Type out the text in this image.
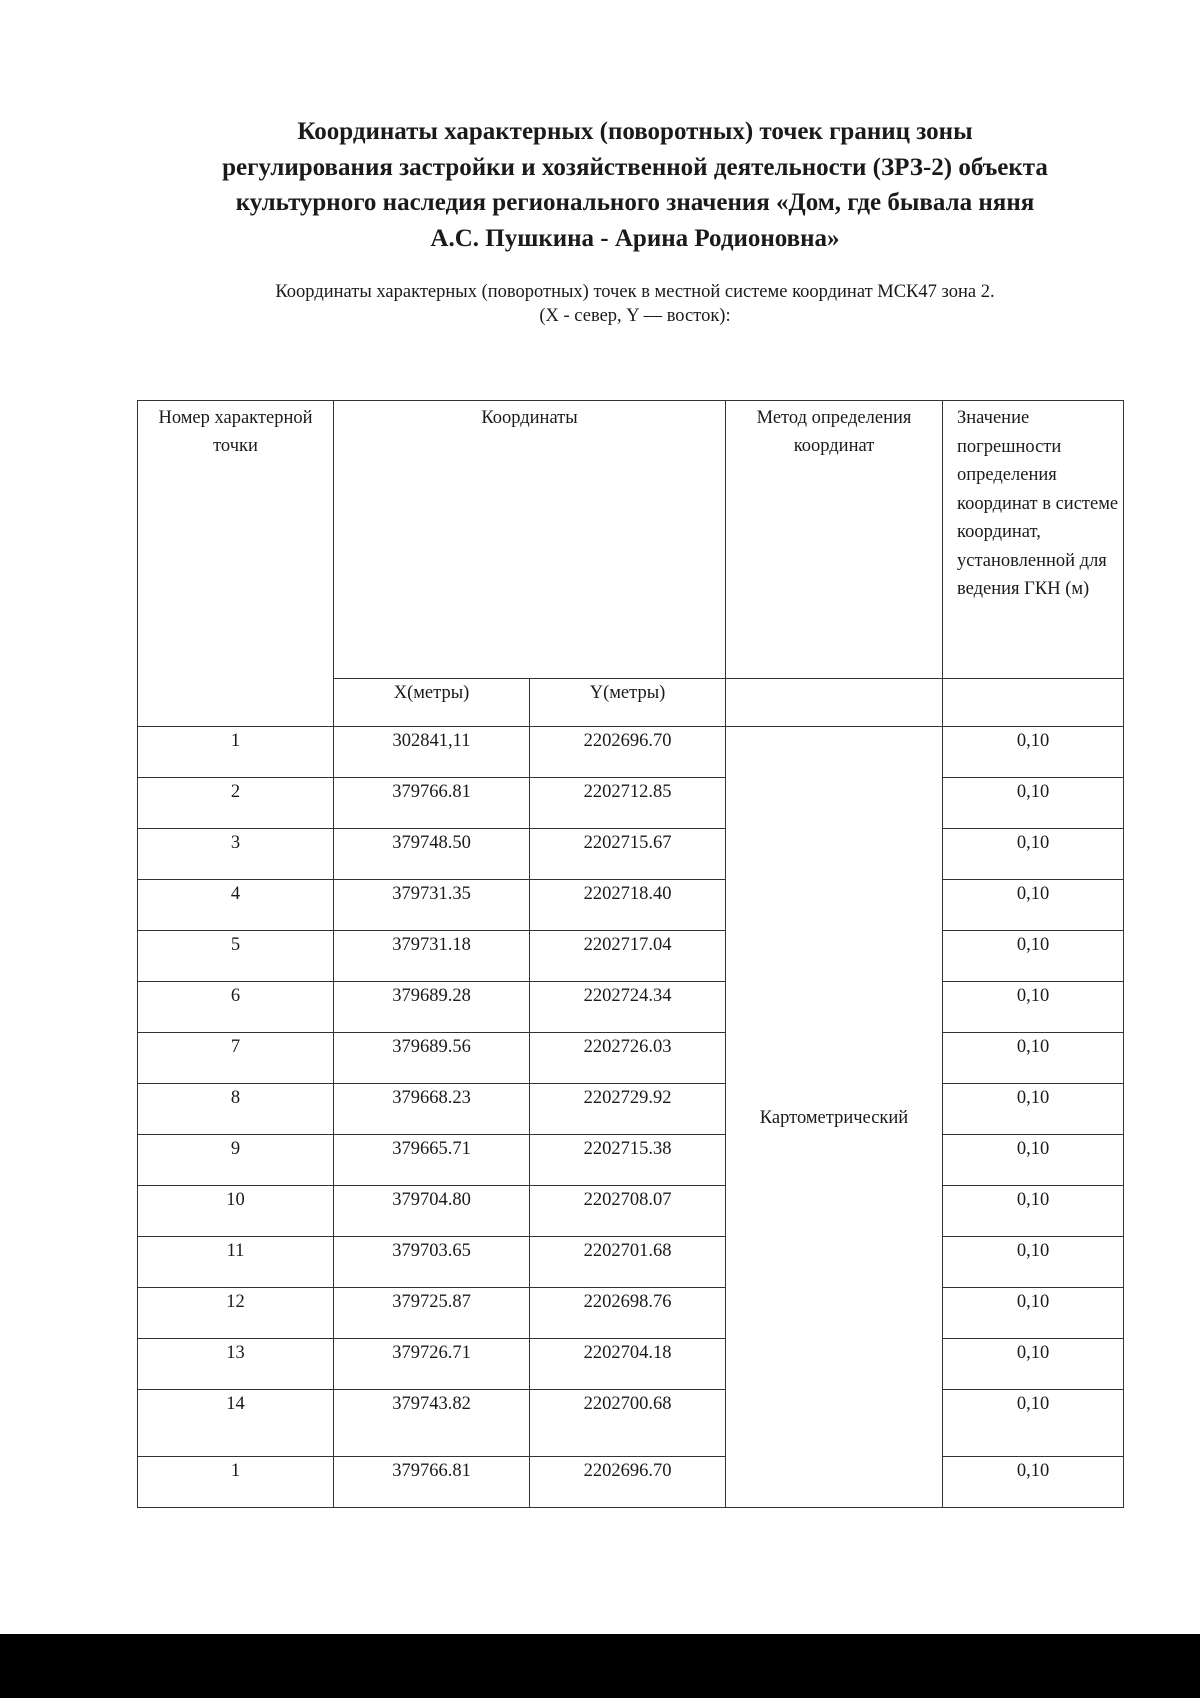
Координаты характерных (поворотных) точек границ зоны
регулирования застройки и хозяйственной деятельности (ЗРЗ-2) объекта
культурного наследия регионального значения «Дом, где бывала няня
А.С. Пушкина - Арина Родионовна»
Координаты характерных (поворотных) точек в местной системе координат МСК47 зона 2.
(X - север, Y — восток):
Номер характерной точки	Координаты		Метод определения координат	Значение погрешности определения координат в системе координат, установленной для ведения ГКН (м)
	X(метры)	Y(метры)		
1	302841,11	2202696.70	Картометрический	0,10
2	379766.81	2202712.85		0,10
3	379748.50	2202715.67		0,10
4	379731.35	2202718.40		0,10
5	379731.18	2202717.04		0,10
6	379689.28	2202724.34		0,10
7	379689.56	2202726.03		0,10
8	379668.23	2202729.92		0,10
9	379665.71	2202715.38		0,10
10	379704.80	2202708.07		0,10
11	379703.65	2202701.68		0,10
12	379725.87	2202698.76		0,10
13	379726.71	2202704.18		0,10
14	379743.82	2202700.68		0,10
1	379766.81	2202696.70		0,10
